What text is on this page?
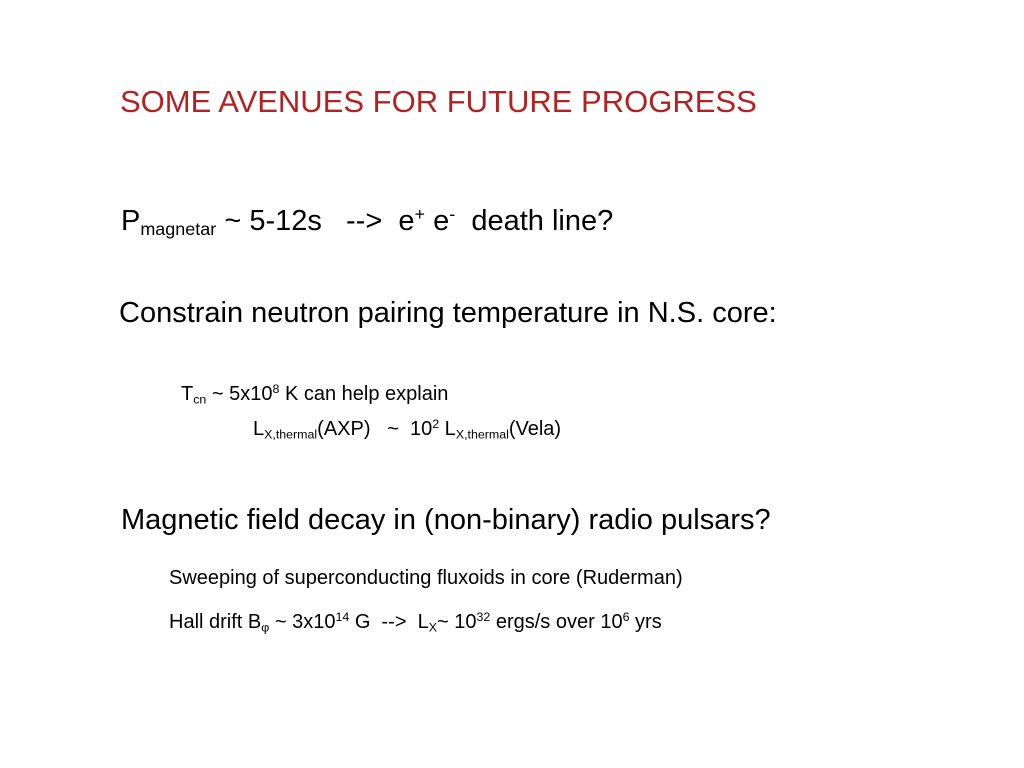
SOME AVENUES FOR FUTURE PROGRESS
$P_{magnetar}$ ~ 5-12s   -->  e+ e-  death line?
Constrain neutron pairing temperature in N.S. core:
$T_{cn}$ ~ $5x10^8$ K can help explain
$L_{X,thermal}(AXP)$   ~  $10^2$ $L_{X,thermal}(Vela)$
Magnetic field decay in (non-binary) radio pulsars?
Sweeping of superconducting fluxoids in core (Ruderman)
Hall drift $B_\varphi$ ~ $3x10^{14}$ G  -->  $L_X\sim$ $10^{32}$ ergs/s over $10^6$ yrs
